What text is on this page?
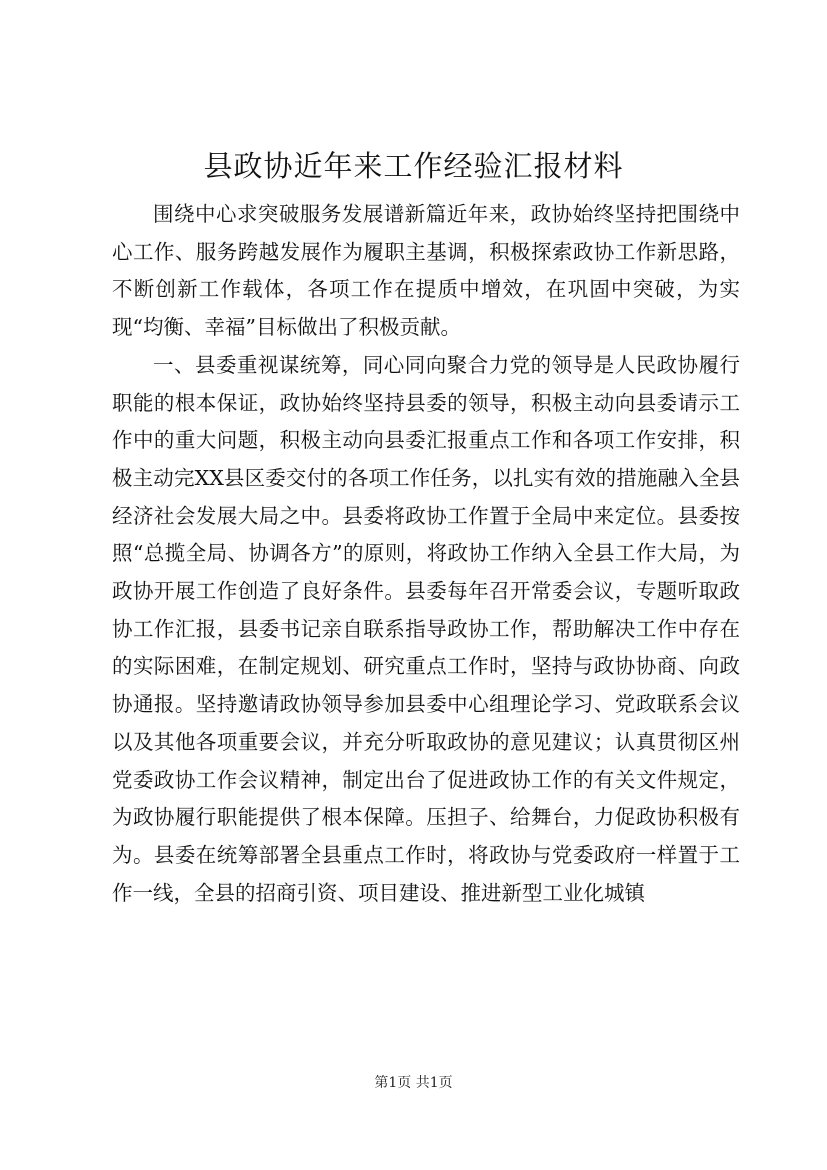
县政协近年来工作经验汇报材料

围绕中心求突破服务发展谱新篇近年来，政协始终坚持把围绕中心工作、服务跨越发展作为履职主基调，积极探索政协工作新思路，不断创新工作载体，各项工作在提质中增效，在巩固中突破，为实现“均衡、幸福”目标做出了积极贡献。

一、县委重视谋统筹，同心同向聚合力党的领导是人民政协履行职能的根本保证，政协始终坚持县委的领导，积极主动向县委请示工作中的重大问题，积极主动向县委汇报重点工作和各项工作安排，积极主动完XX县区委交付的各项工作任务，以扎实有效的措施融入全县经济社会发展大局之中。县委将政协工作置于全局中来定位。县委按照“总揽全局、协调各方”的原则，将政协工作纳入全县工作大局，为政协开展工作创造了良好条件。县委每年召开常委会议，专题听取政协工作汇报，县委书记亲自联系指导政协工作，帮助解决工作中存在的实际困难，在制定规划、研究重点工作时，坚持与政协协商、向政协通报。坚持邀请政协领导参加县委中心组理论学习、党政联系会议以及其他各项重要会议，并充分听取政协的意见建议；认真贯彻区州党委政协工作会议精神，制定出台了促进政协工作的有关文件规定，为政协履行职能提供了根本保障。压担子、给舞台，力促政协积极有为。县委在统筹部署全县重点工作时，将政协与党委政府一样置于工作一线，全县的招商引资、项目建设、推进新型工业化城镇

第1页 共1页
